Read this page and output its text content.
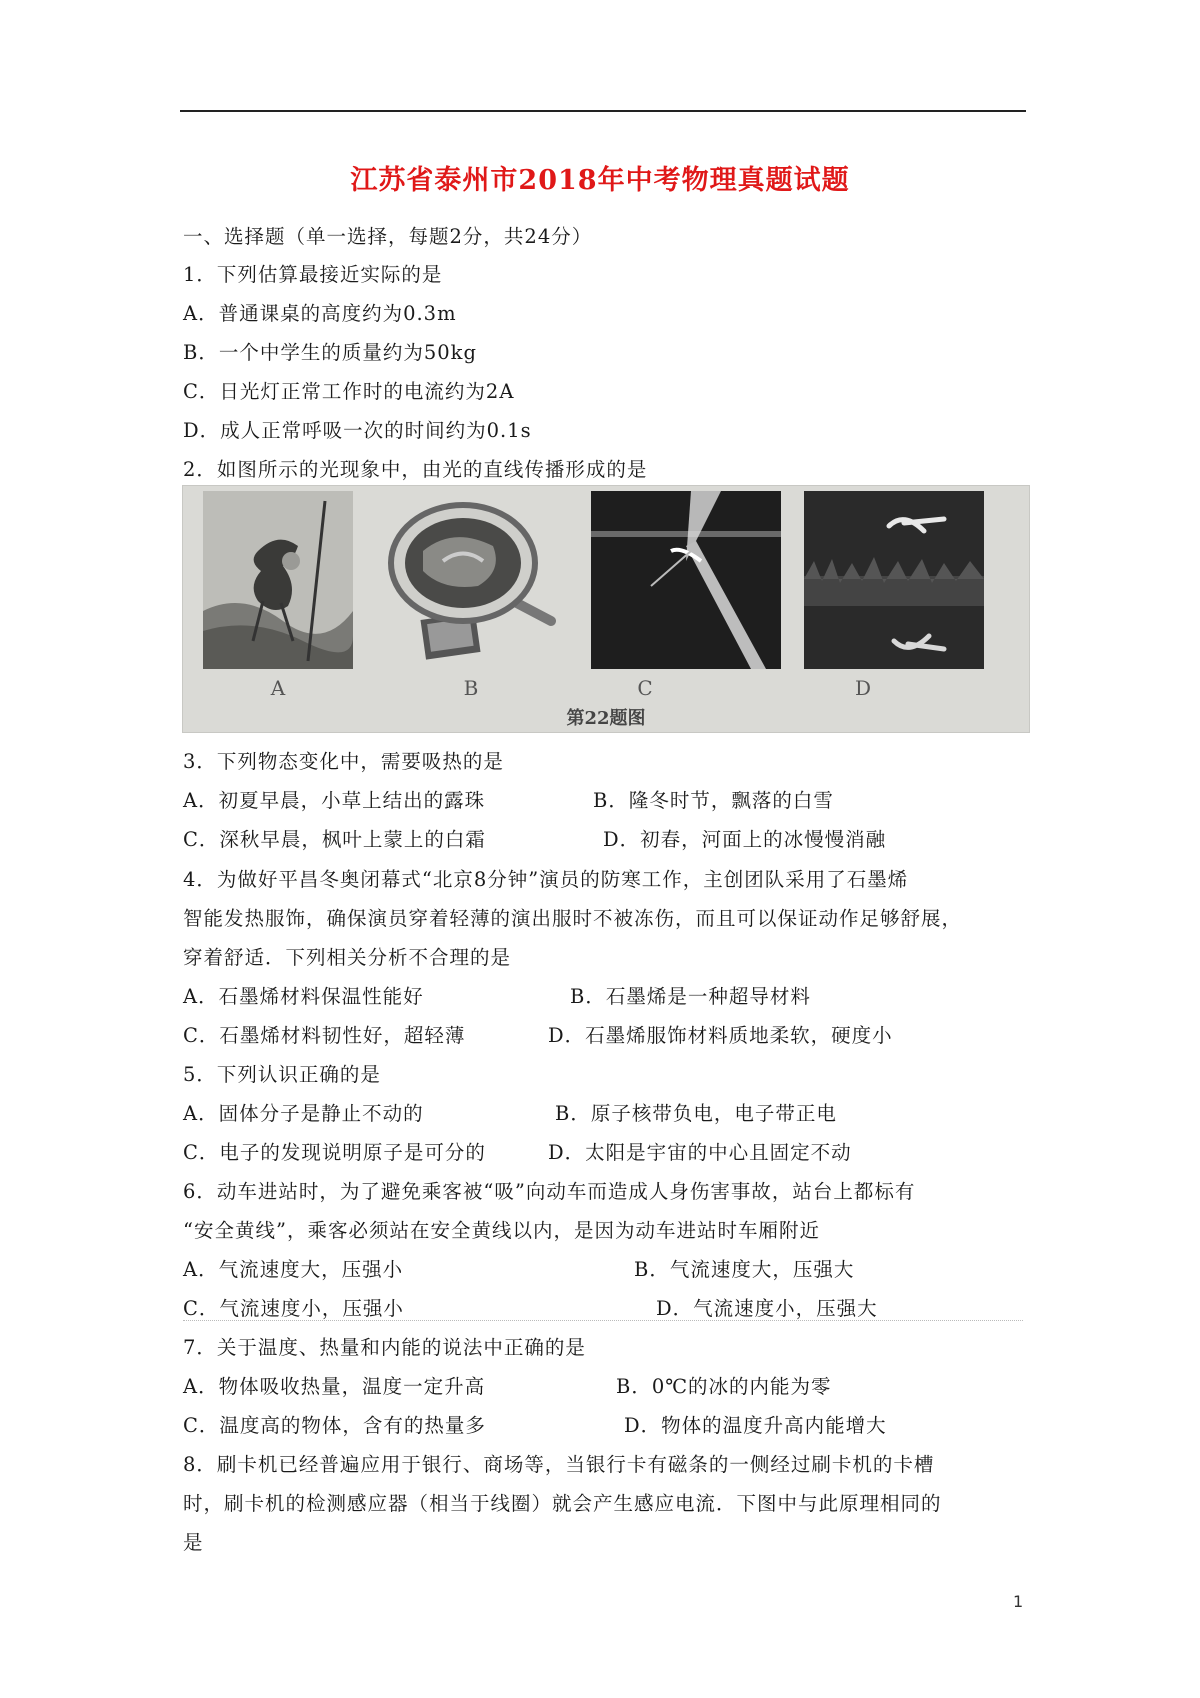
江苏省泰州市2018年中考物理真题试题
一、选择题（单一选择，每题2分，共24分）
1．下列估算最接近实际的是
A．普通课桌的高度约为0.3m
B．一个中学生的质量约为50kg
C．日光灯正常工作时的电流约为2A
D．成人正常呼吸一次的时间约为0.1s
2．如图所示的光现象中，由光的直线传播形成的是
A	B	C	D
第22题图
3．下列物态变化中，需要吸热的是
A．初夏早晨，小草上结出的露珠	B．隆冬时节，飘落的白雪
C．深秋早晨，枫叶上蒙上的白霜	D．初春，河面上的冰慢慢消融
4．为做好平昌冬奥闭幕式“北京8分钟”演员的防寒工作，主创团队采用了石墨烯
智能发热服饰，确保演员穿着轻薄的演出服时不被冻伤，而且可以保证动作足够舒展，
穿着舒适．下列相关分析不合理的是
A．石墨烯材料保温性能好	B．石墨烯是一种超导材料
C．石墨烯材料韧性好，超轻薄	D．石墨烯服饰材料质地柔软，硬度小
5．下列认识正确的是
A．固体分子是静止不动的	B．原子核带负电，电子带正电
C．电子的发现说明原子是可分的	D．太阳是宇宙的中心且固定不动
6．动车进站时，为了避免乘客被“吸”向动车而造成人身伤害事故，站台上都标有
“安全黄线”，乘客必须站在安全黄线以内，是因为动车进站时车厢附近
A．气流速度大，压强小	B．气流速度大，压强大
C．气流速度小，压强小	D．气流速度小，压强大
7．关于温度、热量和内能的说法中正确的是
A．物体吸收热量，温度一定升高	B．0℃的冰的内能为零
C．温度高的物体，含有的热量多	D．物体的温度升高内能增大
8．刷卡机已经普遍应用于银行、商场等，当银行卡有磁条的一侧经过刷卡机的卡槽
时，刷卡机的检测感应器（相当于线圈）就会产生感应电流．下图中与此原理相同的
是
1
